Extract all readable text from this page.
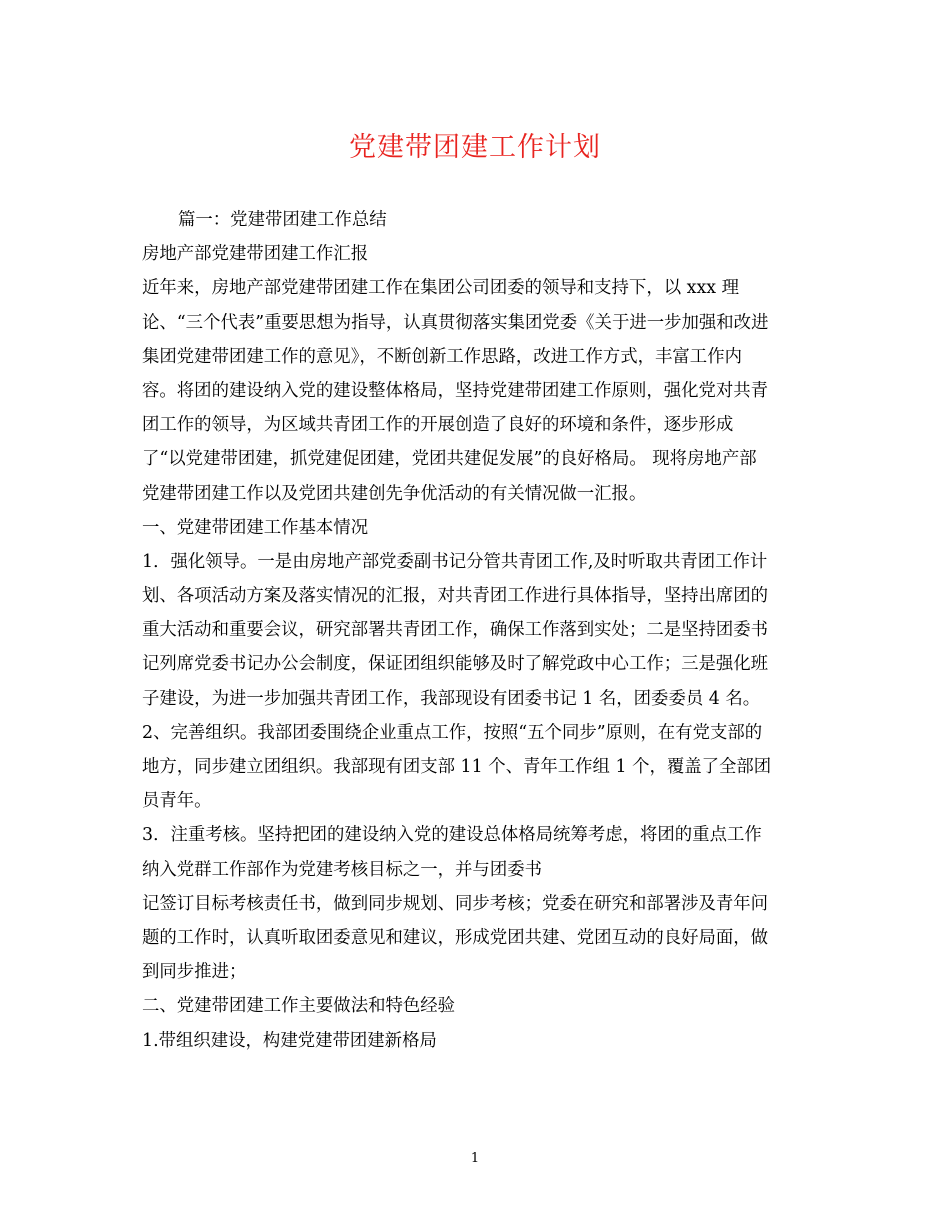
党建带团建工作计划
篇一：党建带团建工作总结
房地产部党建带团建工作汇报
近年来，房地产部党建带团建工作在集团公司团委的领导和支持下，以 xxx 理
论、“三个代表”重要思想为指导，认真贯彻落实集团党委《关于进一步加强和改进
集团党建带团建工作的意见》，不断创新工作思路，改进工作方式，丰富工作内
容。将团的建设纳入党的建设整体格局，坚持党建带团建工作原则，强化党对共青
团工作的领导，为区域共青团工作的开展创造了良好的环境和条件，逐步形成
了“以党建带团建，抓党建促团建，党团共建促发展”的良好格局。 现将房地产部
党建带团建工作以及党团共建创先争优活动的有关情况做一汇报。
一、党建带团建工作基本情况
1．强化领导。一是由房地产部党委副书记分管共青团工作,及时听取共青团工作计
划、各项活动方案及落实情况的汇报，对共青团工作进行具体指导，坚持出席团的
重大活动和重要会议，研究部署共青团工作，确保工作落到实处；二是坚持团委书
记列席党委书记办公会制度，保证团组织能够及时了解党政中心工作；三是强化班
子建设，为进一步加强共青团工作，我部现设有团委书记 1 名，团委委员 4 名。
2、完善组织。我部团委围绕企业重点工作，按照“五个同步”原则，在有党支部的
地方，同步建立团组织。我部现有团支部 11 个、青年工作组 1 个，覆盖了全部团
员青年。
3．注重考核。坚持把团的建设纳入党的建设总体格局统筹考虑，将团的重点工作
纳入党群工作部作为党建考核目标之一，并与团委书
记签订目标考核责任书，做到同步规划、同步考核；党委在研究和部署涉及青年问
题的工作时，认真听取团委意见和建议，形成党团共建、党团互动的良好局面，做
到同步推进；
二、党建带团建工作主要做法和特色经验
1.带组织建设，构建党建带团建新格局
1
